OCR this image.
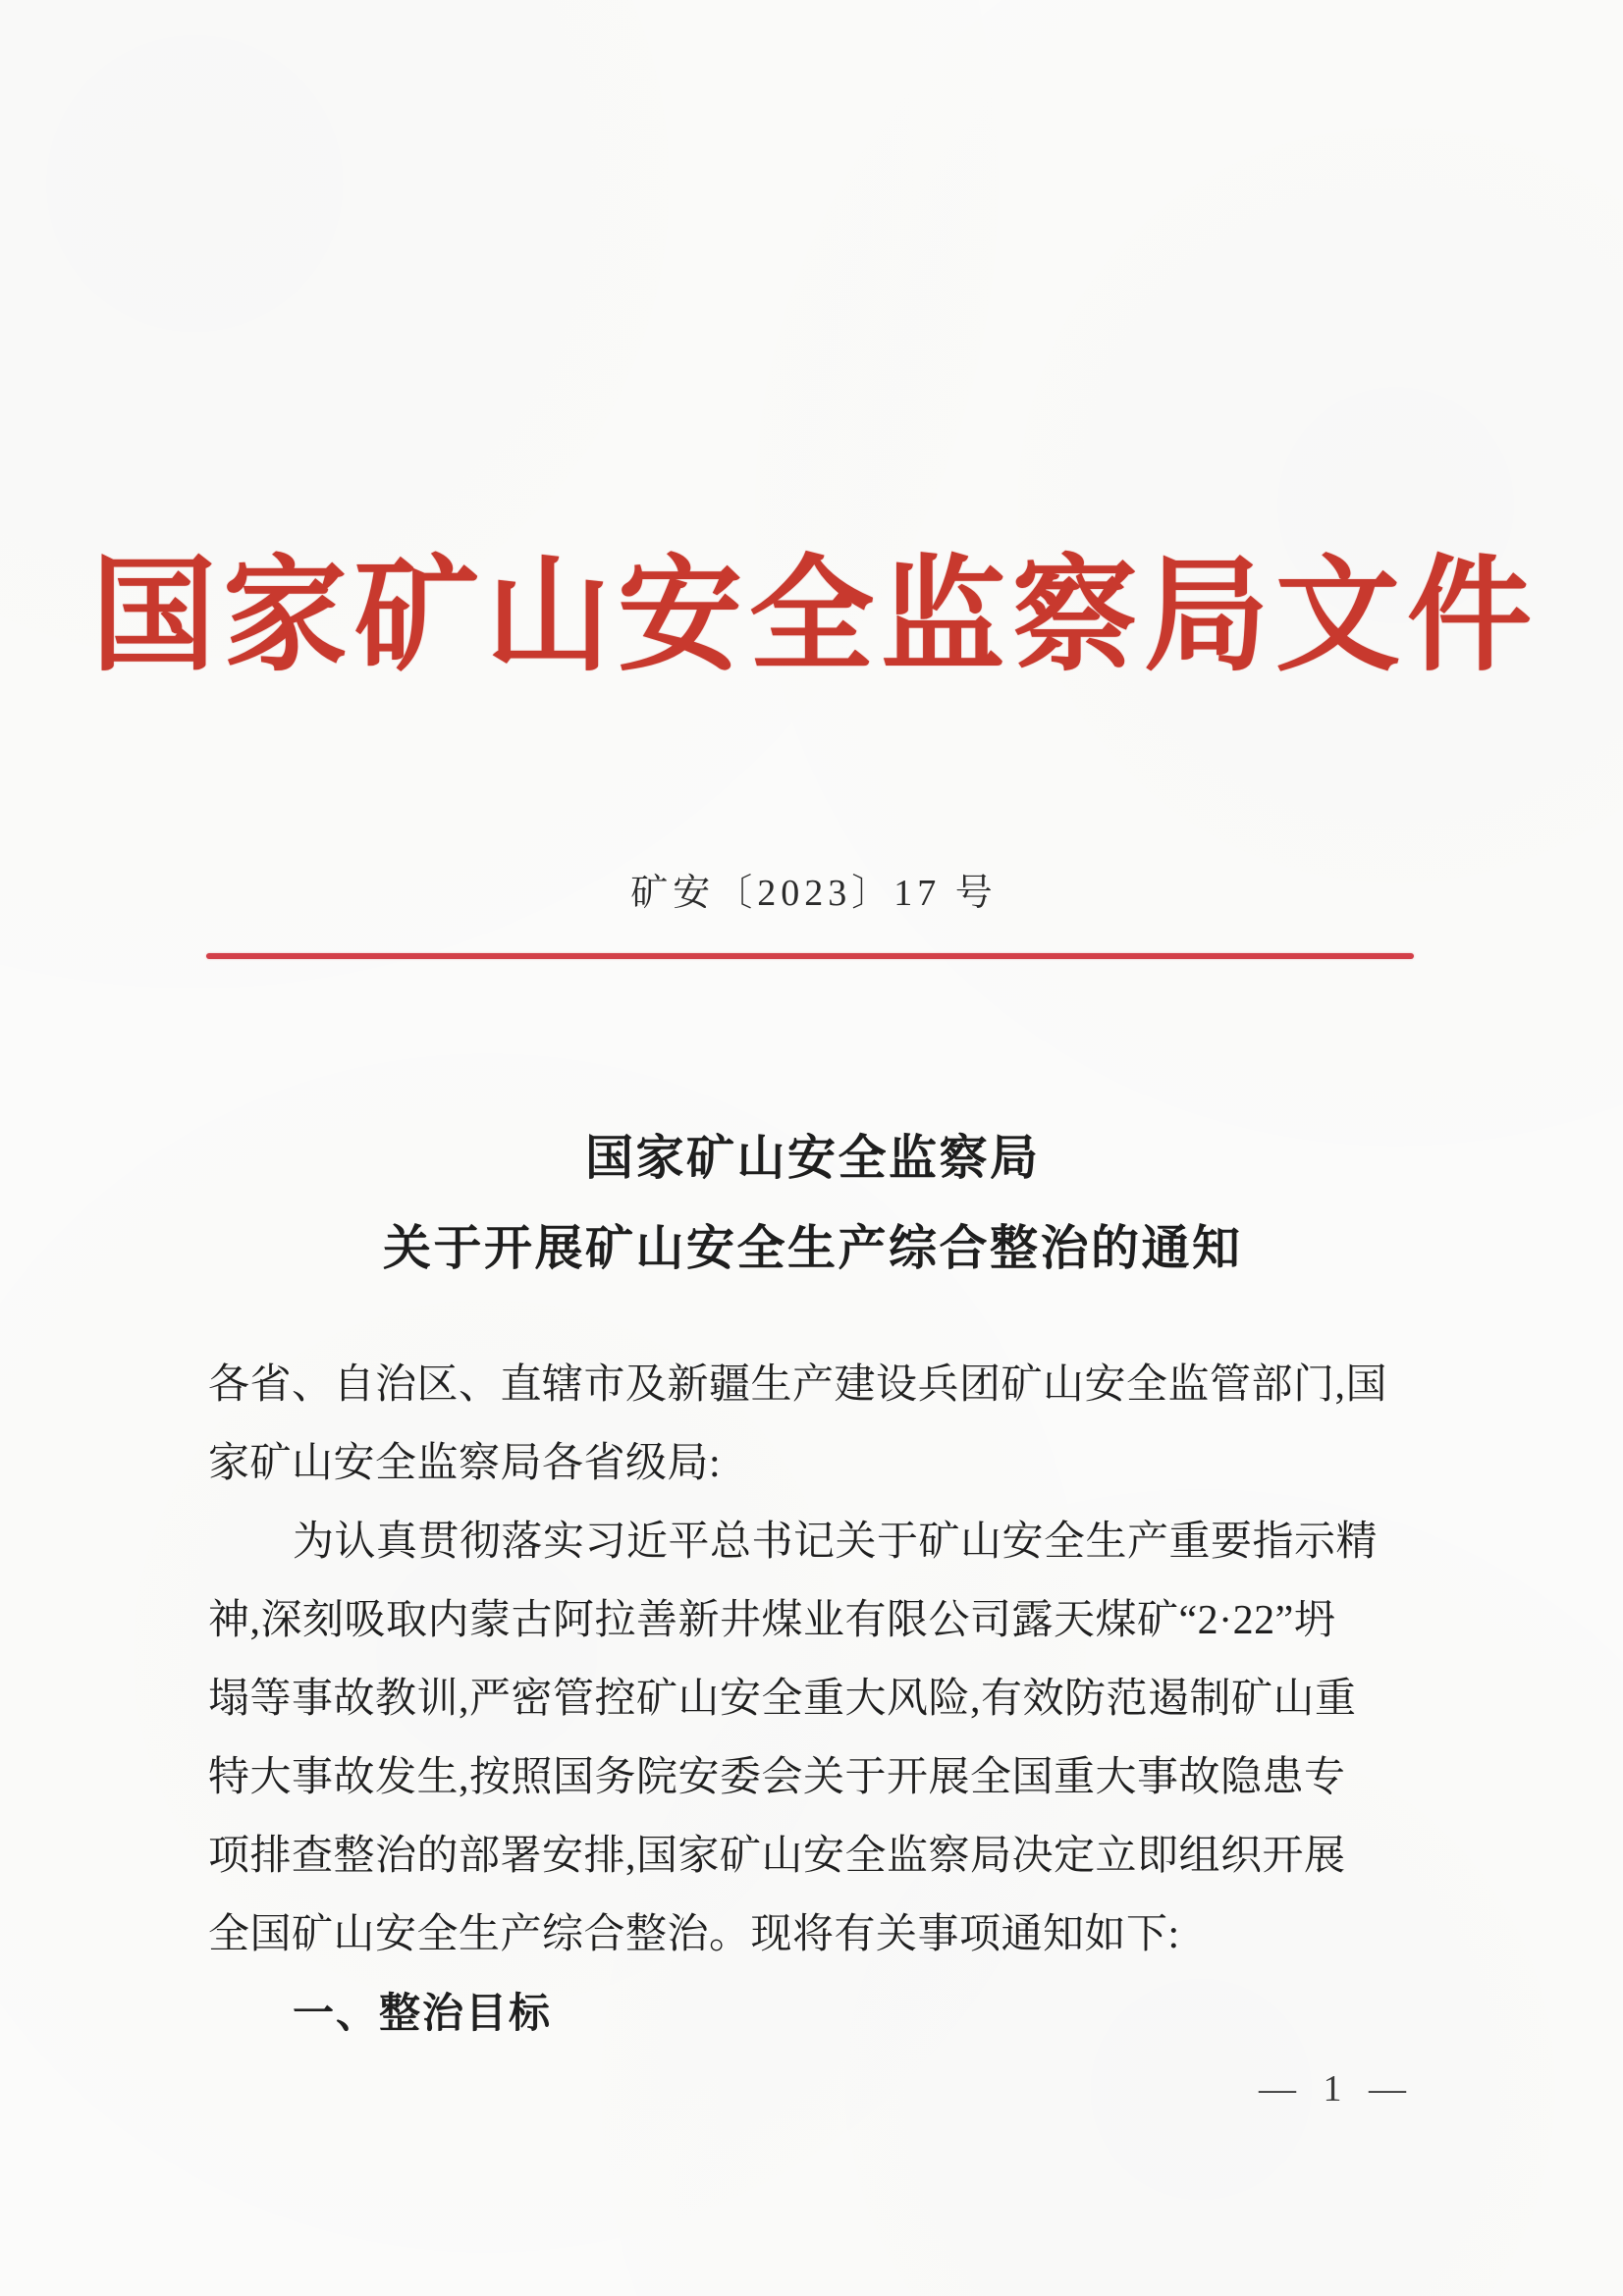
国家矿山安全监察局文件
矿安〔2023〕17 号
国家矿山安全监察局
关于开展矿山安全生产综合整治的通知
各省、自治区、直辖市及新疆生产建设兵团矿山安全监管部门,国
家矿山安全监察局各省级局:
为认真贯彻落实习近平总书记关于矿山安全生产重要指示精
神,深刻吸取内蒙古阿拉善新井煤业有限公司露天煤矿“2·22”坍
塌等事故教训,严密管控矿山安全重大风险,有效防范遏制矿山重
特大事故发生,按照国务院安委会关于开展全国重大事故隐患专
项排查整治的部署安排,国家矿山安全监察局决定立即组织开展
全国矿山安全生产综合整治。现将有关事项通知如下:
一、整治目标
— 1 —
